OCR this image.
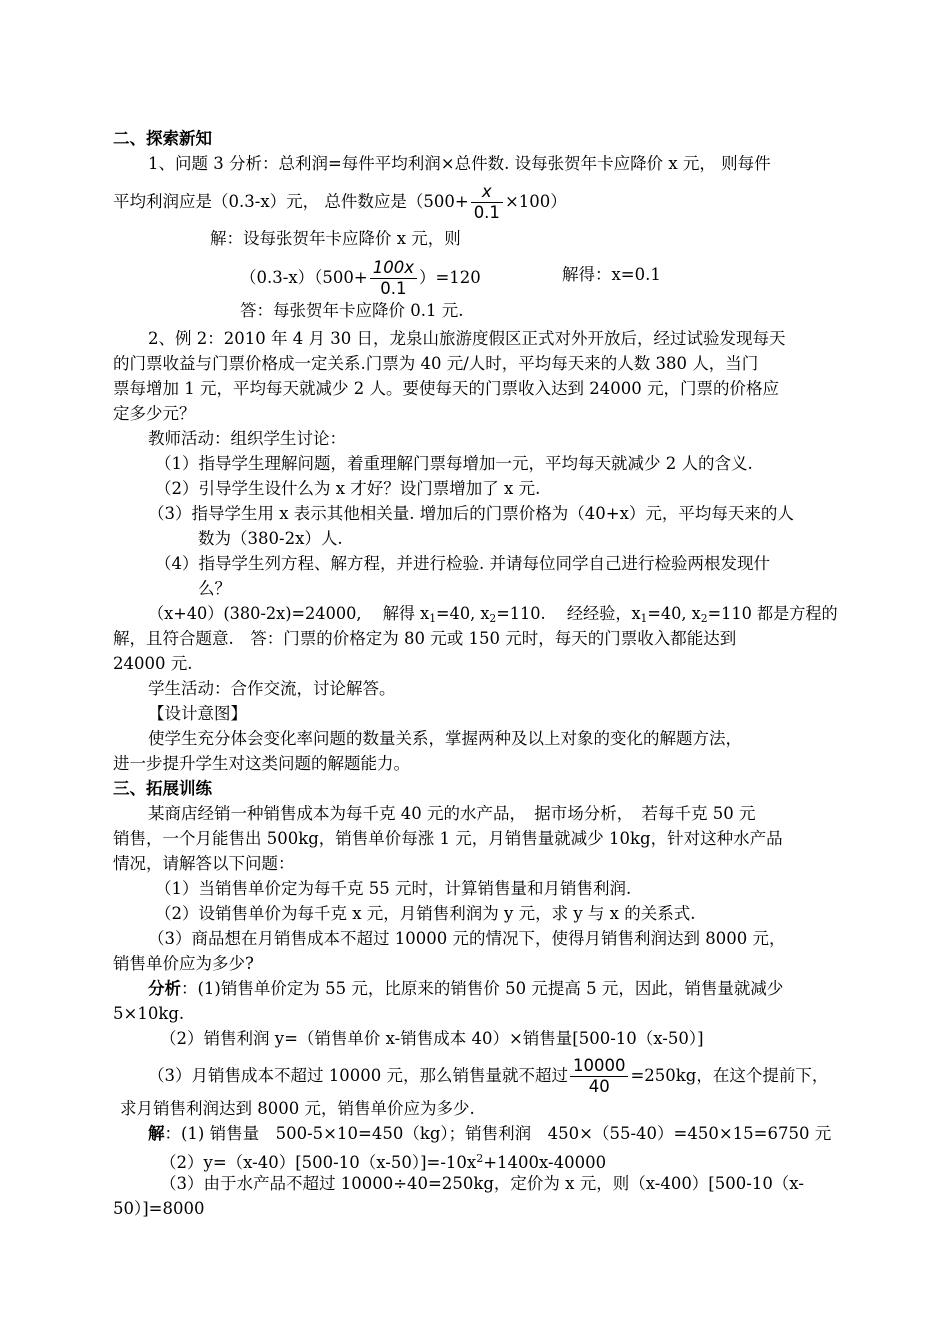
二、探索新知
1、问题 3 分析：总利润=每件平均利润×总件数. 设每张贺年卡应降价 x 元， 则每件
平均利润应是（0.3-x）元， 总件数应是$(500+ \frac{x}{0.1} \times 100)$
解：设每张贺年卡应降价 x 元，则
$(0.3-x)(500+ \frac{100x}{0.1} )=120$	解得：x=0.1
答：每张贺年卡应降价 0.1 元.
2、例 2：2010 年 4 月 30 日，龙泉山旅游度假区正式对外开放后，经过试验发现每天
的门票收益与门票价格成一定关系.门票为 40 元/人时，平均每天来的人数 380 人，当门
票每增加 1 元，平均每天就减少 2 人。要使每天的门票收入达到 24000 元，门票的价格应
定多少元？
教师活动：组织学生讨论：
（1）指导学生理解问题，着重理解门票每增加一元，平均每天就减少 2 人的含义.
（2）引导学生设什么为 x 才好？设门票增加了 x 元.
（3）指导学生用 x 表示其他相关量. 增加后的门票价格为（40+x）元，平均每天来的人
数为（380-2x）人.
（4）指导学生列方程、解方程，并进行检验. 并请每位同学自己进行检验两根发现什
么？
（x+40）(380-2x)=24000,　 解得 $x_1=40$, $x_2=110$.　 经经验，$x_1=40$, $x_2=110$ 都是方程的
解，且符合题意.　答：门票的价格定为 80 元或 150 元时，每天的门票收入都能达到
24000 元.
学生活动：合作交流，讨论解答。
【设计意图】
使学生充分体会变化率问题的数量关系，掌握两种及以上对象的变化的解题方法，
进一步提升学生对这类问题的解题能力。
三、拓展训练
某商店经销一种销售成本为每千克 40 元的水产品，　据市场分析，　若每千克 50 元
销售，一个月能售出 500kg，销售单价每涨 1 元，月销售量就减少 10kg，针对这种水产品
情况，请解答以下问题：
（1）当销售单价定为每千克 55 元时，计算销售量和月销售利润.
（2）设销售单价为每千克 x 元，月销售利润为 y 元，求 y 与 x 的关系式.
（3）商品想在月销售成本不超过 10000 元的情况下，使得月销售利润达到 8000 元，
销售单价应为多少?
分析：(1)销售单价定为 55 元，比原来的销售价 50 元提高 5 元，因此，销售量就减少
5×10kg.
（2）销售利润 y=（销售单价 x-销售成本 40）×销售量[500-10（x-50）]
（3）月销售成本不超过 10000 元，那么销售量就不超过 $\frac{10000}{40} =250kg$，在这个提前下，
求月销售利润达到 8000 元，销售单价应为多少.
解：(1) 销售量　500-5×10=450（kg）；销售利润　450×（55-40）=450×15=6750 元
$(2)y=(x-40)[500-10(x-50)]=-10x^2+1400x-40000$
（3）由于水产品不超过 10000÷40=250kg，定价为 x 元，则（x-400）[500-10（x-
50）]=8000
